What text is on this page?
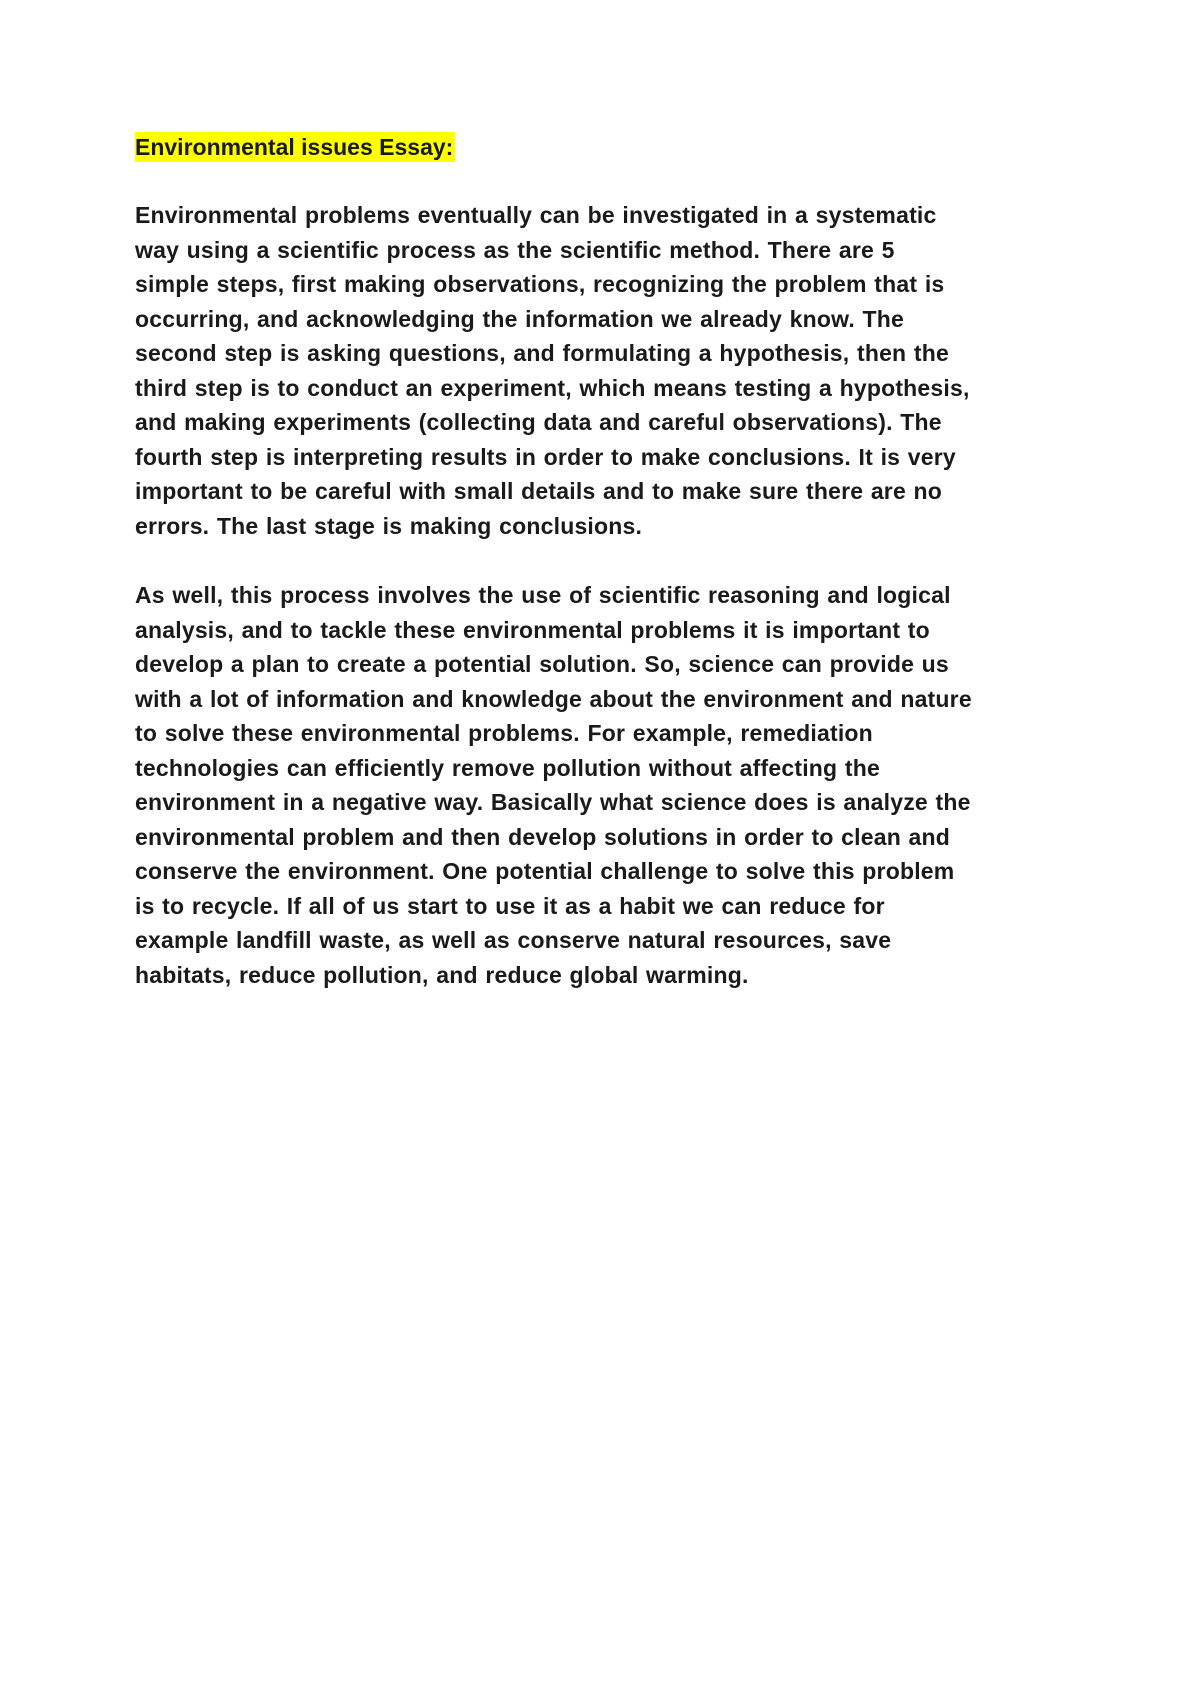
Environmental issues Essay:

Environmental problems eventually can be investigated in a systematic way using a scientific process as the scientific method. There are 5 simple steps, first making observations, recognizing the problem that is occurring, and acknowledging the information we already know. The second step is asking questions, and formulating a hypothesis, then the third step is to conduct an experiment, which means testing a hypothesis, and making experiments (collecting data and careful observations). The fourth step is interpreting results in order to make conclusions. It is very important to be careful with small details and to make sure there are no errors. The last stage is making conclusions.

As well, this process involves the use of scientific reasoning and logical analysis, and to tackle these environmental problems it is important to develop a plan to create a potential solution. So, science can provide us with a lot of information and knowledge about the environment and nature to solve these environmental problems. For example, remediation technologies can efficiently remove pollution without affecting the environment in a negative way. Basically what science does is analyze the environmental problem and then develop solutions in order to clean and conserve the environment. One potential challenge to solve this problem is to recycle. If all of us start to use it as a habit we can reduce for example landfill waste, as well as conserve natural resources, save habitats, reduce pollution, and reduce global warming.
